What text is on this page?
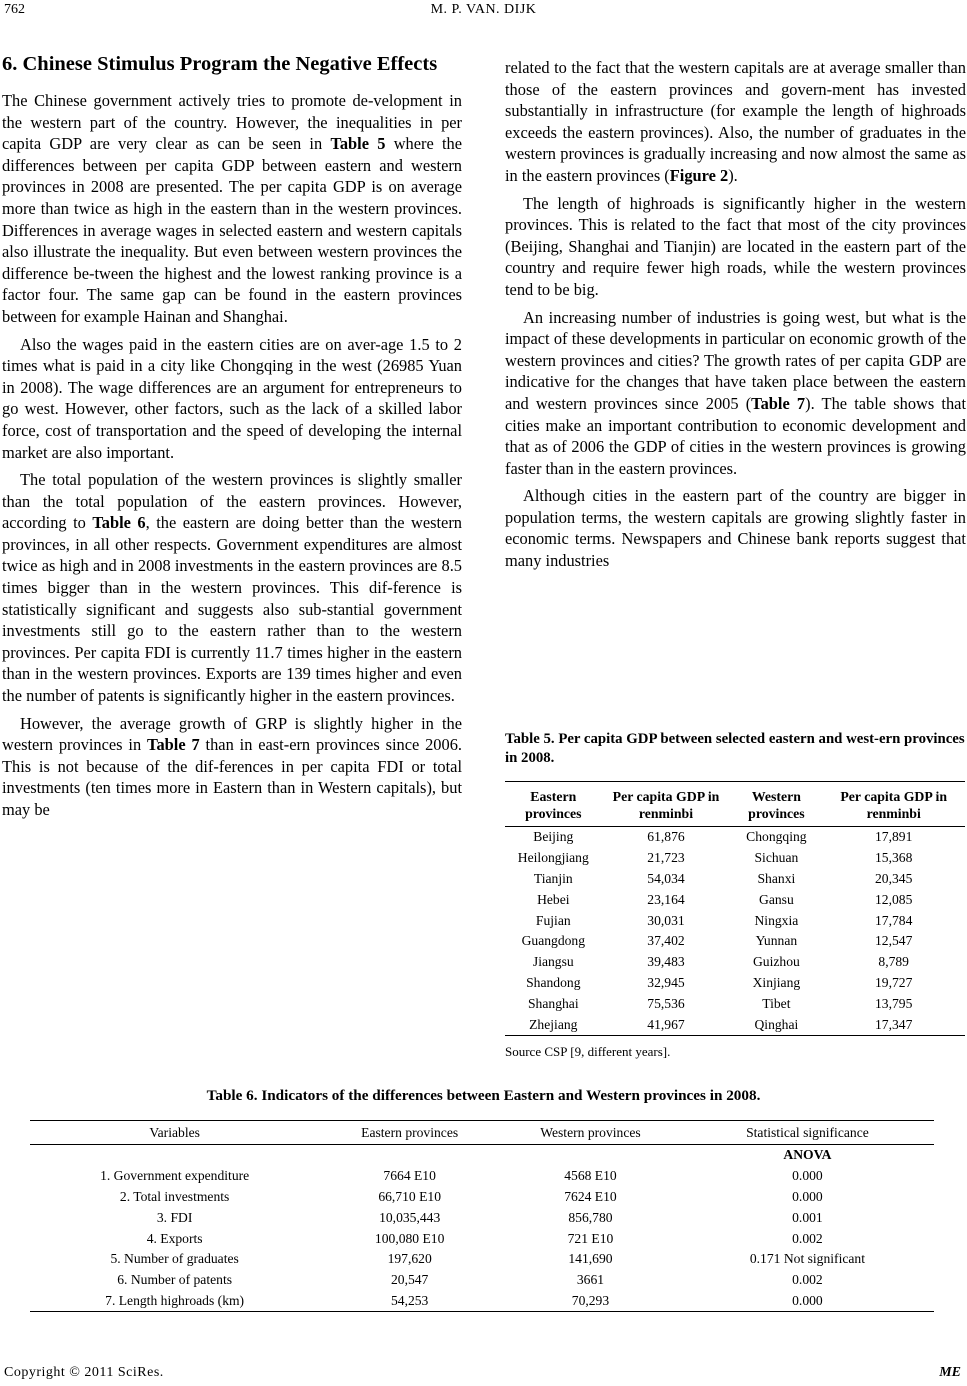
762	M. P. VAN. DIJK
6. Chinese Stimulus Program the Negative Effects

The Chinese government actively tries to promote de-velopment in the western part of the country. However, the inequalities in per capita GDP are very clear as can be seen in Table 5 where the differences between per capita GDP between eastern and western provinces in 2008 are presented. The per capita GDP is on average more than twice as high in the eastern than in the western provinces. Differences in average wages in selected eastern and western capitals also illustrate the inequality. But even between western provinces the difference be-tween the highest and the lowest ranking province is a factor four. The same gap can be found in the eastern provinces between for example Hainan and Shanghai.

Also the wages paid in the eastern cities are on aver-age 1.5 to 2 times what is paid in a city like Chongqing in the west (26985 Yuan in 2008). The wage differences are an argument for entrepreneurs to go west. However, other factors, such as the lack of a skilled labor force, cost of transportation and the speed of developing the internal market are also important.

The total population of the western provinces is slightly smaller than the total population of the eastern provinces. However, according to Table 6, the eastern are doing better than the western provinces, in all other respects. Government expenditures are almost twice as high and in 2008 investments in the eastern provinces are 8.5 times bigger than in the western provinces. This dif-ference is statistically significant and suggests also sub-stantial government investments still go to the eastern rather than to the western provinces. Per capita FDI is currently 11.7 times higher in the eastern than in the western provinces. Exports are 139 times higher and even the number of patents is significantly higher in the eastern provinces.

However, the average growth of GRP is slightly higher in the western provinces in Table 7 than in east-ern provinces since 2006. This is not because of the dif-ferences in per capita FDI or total investments (ten times more in Eastern than in Western capitals), but may be

related to the fact that the western capitals are at average smaller than those of the eastern provinces and govern-ment has invested substantially in infrastructure (for example the length of highroads exceeds the eastern provinces). Also, the number of graduates in the western provinces is gradually increasing and now almost the same as in the eastern provinces (Figure 2).

The length of highroads is significantly higher in the western provinces. This is related to the fact that most of the city provinces (Beijing, Shanghai and Tianjin) are located in the eastern part of the country and require fewer high roads, while the western provinces tend to be big.

An increasing number of industries is going west, but what is the impact of these developments in particular on economic growth of the western provinces and cities? The growth rates of per capita GDP are indicative for the changes that have taken place between the eastern and western provinces since 2005 (Table 7). The table shows that cities make an important contribution to economic development and that as of 2006 the GDP of cities in the western provinces is growing faster than in the eastern provinces.

Although cities in the eastern part of the country are bigger in population terms, the western capitals are growing slightly faster in economic terms. Newspapers and Chinese bank reports suggest that many industries

Table 5. Per capita GDP between selected eastern and west-ern provinces in 2008.
Eastern provinces	Per capita GDP in renminbi	Western provinces	Per capita GDP in renminbi
Beijing	61,876	Chongqing	17,891
Heilongjiang	21,723	Sichuan	15,368
Tianjin	54,034	Shanxi	20,345
Hebei	23,164	Gansu	12,085
Fujian	30,031	Ningxia	17,784
Guangdong	37,402	Yunnan	12,547
Jiangsu	39,483	Guizhou	8,789
Shandong	32,945	Xinjiang	19,727
Shanghai	75,536	Tibet	13,795
Zhejiang	41,967	Qinghai	17,347
Source CSP [9, different years].
Table 6. Indicators of the differences between Eastern and Western provinces in 2008.
Variables	Eastern provinces	Western provinces	Statistical significance
			ANOVA
1. Government expenditure	7664 E10	4568 E10	0.000
2. Total investments	66,710 E10	7624 E10	0.000
3. FDI	10,035,443	856,780	0.001
4. Exports	100,080 E10	721 E10	0.002
5. Number of graduates	197,620	141,690	0.171 Not significant
6. Number of patents	20,547	3661	0.002
7. Length highroads (km)	54,253	70,293	0.000
Copyright © 2011 SciRes.	ME
